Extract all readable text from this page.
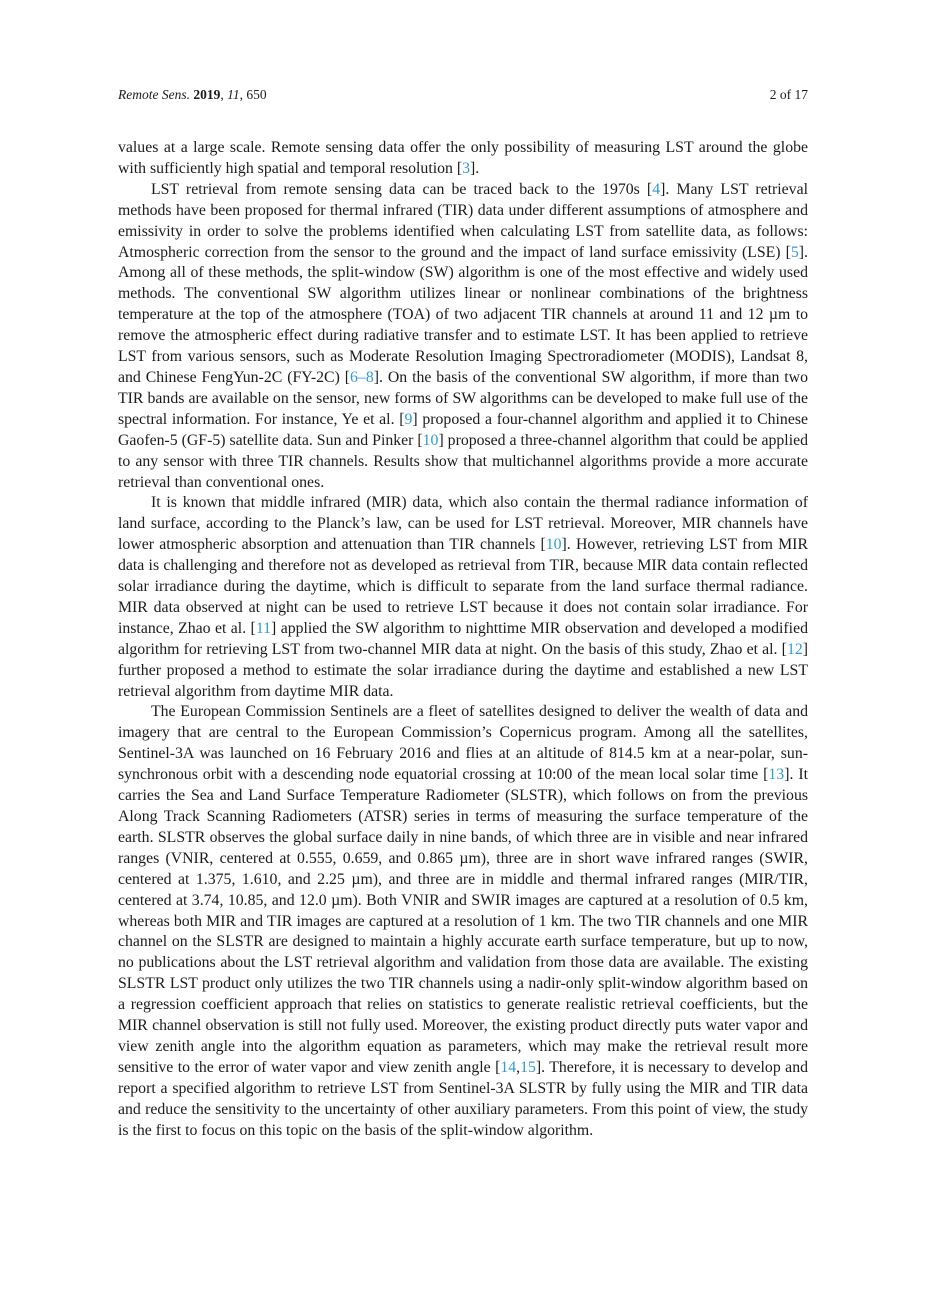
Remote Sens. 2019, 11, 650	2 of 17

values at a large scale. Remote sensing data offer the only possibility of measuring LST around the globe with sufficiently high spatial and temporal resolution [3].

LST retrieval from remote sensing data can be traced back to the 1970s [4]. Many LST retrieval methods have been proposed for thermal infrared (TIR) data under different assumptions of atmosphere and emissivity in order to solve the problems identified when calculating LST from satellite data, as follows: Atmospheric correction from the sensor to the ground and the impact of land surface emissivity (LSE) [5]. Among all of these methods, the split-window (SW) algorithm is one of the most effective and widely used methods. The conventional SW algorithm utilizes linear or nonlinear combinations of the brightness temperature at the top of the atmosphere (TOA) of two adjacent TIR channels at around 11 and 12 µm to remove the atmospheric effect during radiative transfer and to estimate LST. It has been applied to retrieve LST from various sensors, such as Moderate Resolution Imaging Spectroradiometer (MODIS), Landsat 8, and Chinese FengYun-2C (FY-2C) [6–8]. On the basis of the conventional SW algorithm, if more than two TIR bands are available on the sensor, new forms of SW algorithms can be developed to make full use of the spectral information. For instance, Ye et al. [9] proposed a four-channel algorithm and applied it to Chinese Gaofen-5 (GF-5) satellite data. Sun and Pinker [10] proposed a three-channel algorithm that could be applied to any sensor with three TIR channels. Results show that multichannel algorithms provide a more accurate retrieval than conventional ones.

It is known that middle infrared (MIR) data, which also contain the thermal radiance information of land surface, according to the Planck’s law, can be used for LST retrieval. Moreover, MIR channels have lower atmospheric absorption and attenuation than TIR channels [10]. However, retrieving LST from MIR data is challenging and therefore not as developed as retrieval from TIR, because MIR data contain reflected solar irradiance during the daytime, which is difficult to separate from the land surface thermal radiance. MIR data observed at night can be used to retrieve LST because it does not contain solar irradiance. For instance, Zhao et al. [11] applied the SW algorithm to nighttime MIR observation and developed a modified algorithm for retrieving LST from two-channel MIR data at night. On the basis of this study, Zhao et al. [12] further proposed a method to estimate the solar irradiance during the daytime and established a new LST retrieval algorithm from daytime MIR data.

The European Commission Sentinels are a fleet of satellites designed to deliver the wealth of data and imagery that are central to the European Commission’s Copernicus program. Among all the satellites, Sentinel-3A was launched on 16 February 2016 and flies at an altitude of 814.5 km at a near-polar, sun-synchronous orbit with a descending node equatorial crossing at 10:00 of the mean local solar time [13]. It carries the Sea and Land Surface Temperature Radiometer (SLSTR), which follows on from the previous Along Track Scanning Radiometers (ATSR) series in terms of measuring the surface temperature of the earth. SLSTR observes the global surface daily in nine bands, of which three are in visible and near infrared ranges (VNIR, centered at 0.555, 0.659, and 0.865 µm), three are in short wave infrared ranges (SWIR, centered at 1.375, 1.610, and 2.25 µm), and three are in middle and thermal infrared ranges (MIR/TIR, centered at 3.74, 10.85, and 12.0 µm). Both VNIR and SWIR images are captured at a resolution of 0.5 km, whereas both MIR and TIR images are captured at a resolution of 1 km. The two TIR channels and one MIR channel on the SLSTR are designed to maintain a highly accurate earth surface temperature, but up to now, no publications about the LST retrieval algorithm and validation from those data are available. The existing SLSTR LST product only utilizes the two TIR channels using a nadir-only split-window algorithm based on a regression coefficient approach that relies on statistics to generate realistic retrieval coefficients, but the MIR channel observation is still not fully used. Moreover, the existing product directly puts water vapor and view zenith angle into the algorithm equation as parameters, which may make the retrieval result more sensitive to the error of water vapor and view zenith angle [14,15]. Therefore, it is necessary to develop and report a specified algorithm to retrieve LST from Sentinel-3A SLSTR by fully using the MIR and TIR data and reduce the sensitivity to the uncertainty of other auxiliary parameters. From this point of view, the study is the first to focus on this topic on the basis of the split-window algorithm.
